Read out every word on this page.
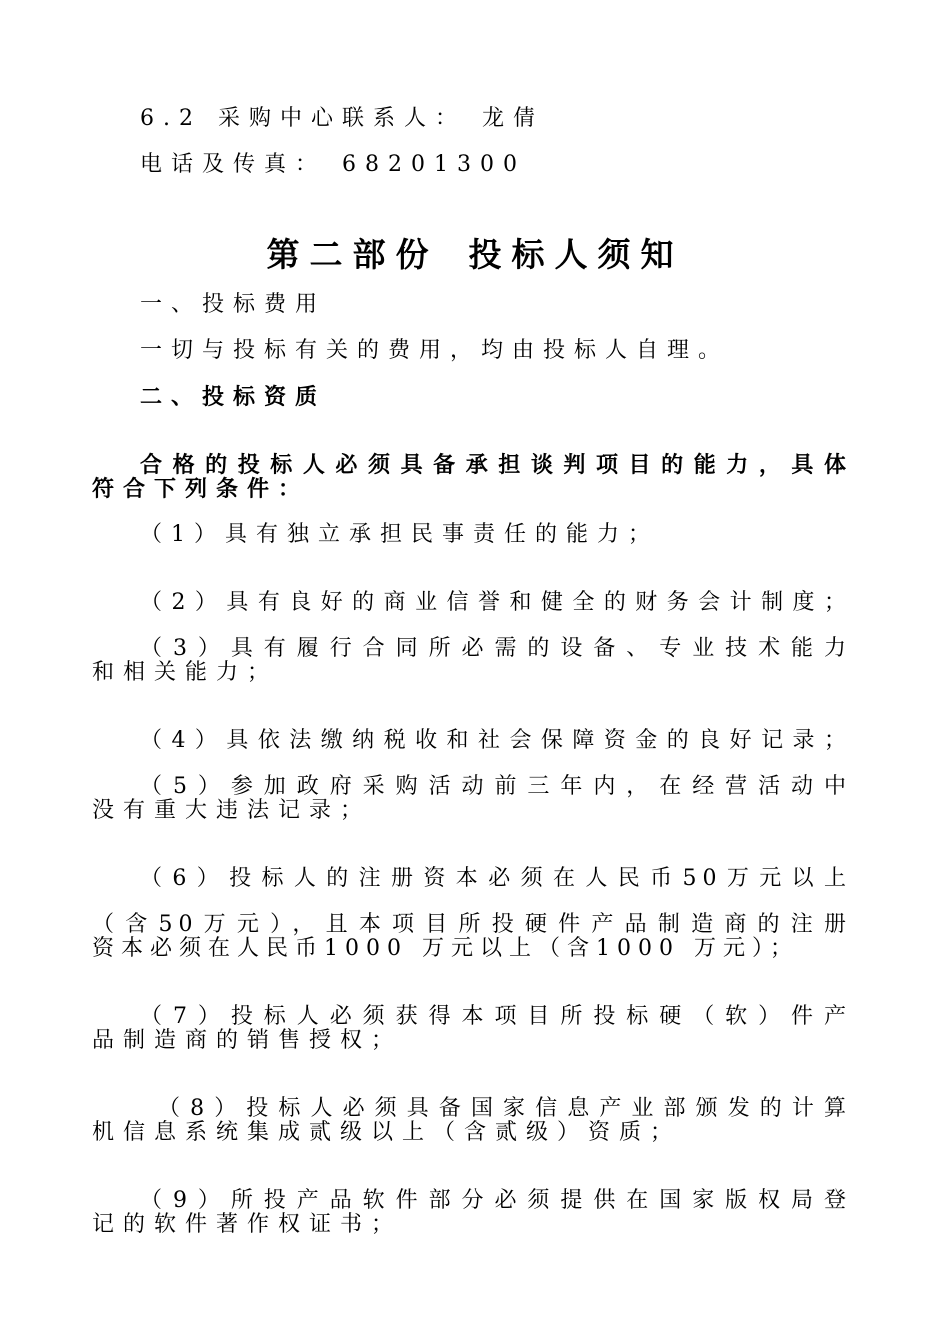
6.2 采购中心联系人： 龙倩

电话及传真： 68201300

第二部份 投标人须知

一、投标费用

一切与投标有关的费用，均由投标人自理。

二、投标资质

合格的投标人必须具备承担谈判项目的能力，具体

符合下列条件：

（1）具有独立承担民事责任的能力；

（2）具有良好的商业信誉和健全的财务会计制度；

（3）具有履行合同所必需的设备、专业技术能力

和相关能力；

（4）具依法缴纳税收和社会保障资金的良好记录；

（5）参加政府采购活动前三年内，在经营活动中

没有重大违法记录；

（6）投标人的注册资本必须在人民币50万元以上

（含50万元），且本项目所投硬件产品制造商的注册

资本必须在人民币1000 万元以上（含1000 万元）；

（7）投标人必须获得本项目所投标硬（软）件产

品制造商的销售授权；

（8）投标人必须具备国家信息产业部颁发的计算

机信息系统集成贰级以上（含贰级）资质；

（9）所投产品软件部分必须提供在国家版权局登

记的软件著作权证书；
